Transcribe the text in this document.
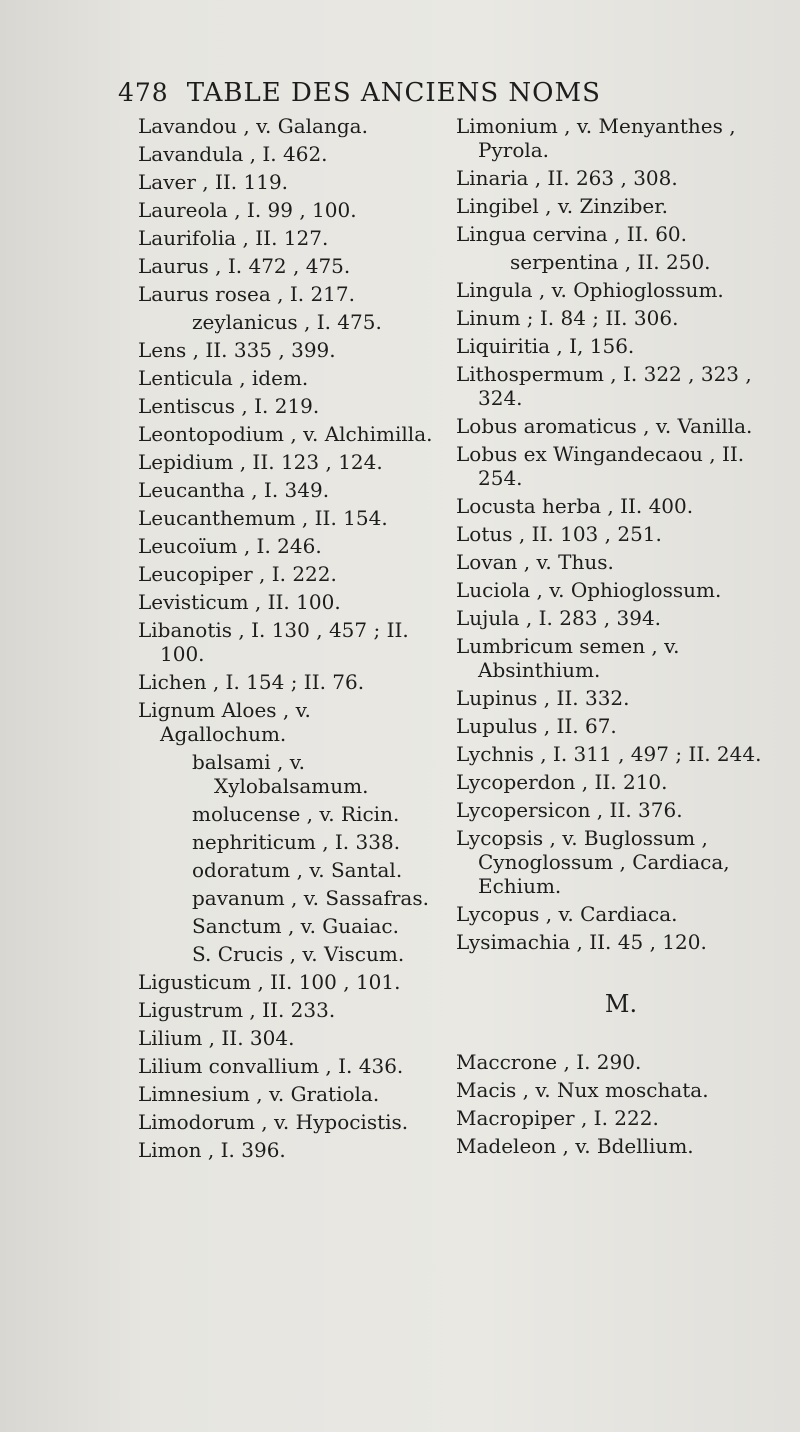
478 TABLE DES ANCIENS NOMS
Lavandou , v. Galanga.
Lavandula , I. 462.
Laver , II. 119.
Laureola , I. 99 , 100.
Laurifolia , II. 127.
Laurus , I. 472 , 475.
Laurus rosea , I. 217.
zeylanicus , I. 475.
Lens , II. 335 , 399.
Lenticula , idem.
Lentiscus , I. 219.
Leontopodium , v. Alchimilla.
Lepidium , II. 123 , 124.
Leucantha , I. 349.
Leucanthemum , II. 154.
Leucoïum , I. 246.
Leucopiper , I. 222.
Levisticum , II. 100.
Libanotis , I. 130 , 457 ; II. 100.
Lichen , I. 154 ; II. 76.
Lignum Aloes , v. Agallochum.
balsami , v. Xylobalsamum.
molucense , v. Ricin.
nephriticum , I. 338.
odoratum , v. Santal.
pavanum , v. Sassafras.
Sanctum , v. Guaiac.
S. Crucis , v. Viscum.
Ligusticum , II. 100 , 101.
Ligustrum , II. 233.
Lilium , II. 304.
Lilium convallium , I. 436.
Limnesium , v. Gratiola.
Limodorum , v. Hypocistis.
Limon , I. 396.
Limonium , v. Menyanthes , Pyrola.
Linaria , II. 263 , 308.
Lingibel , v. Zinziber.
Lingua cervina , II. 60.
serpentina , II. 250.
Lingula , v. Ophioglossum.
Linum ; I. 84 ; II. 306.
Liquiritia , I, 156.
Lithospermum , I. 322 , 323 , 324.
Lobus aromaticus , v. Vanilla.
Lobus ex Wingandecaou , II. 254.
Locusta herba , II. 400.
Lotus , II. 103 , 251.
Lovan , v. Thus.
Luciola , v. Ophioglossum.
Lujula , I. 283 , 394.
Lumbricum semen , v. Absinthium.
Lupinus , II. 332.
Lupulus , II. 67.
Lychnis , I. 311 , 497 ; II. 244.
Lycoperdon , II. 210.
Lycopersicon , II. 376.
Lycopsis , v. Buglossum , Cynoglossum , Cardiaca, Echium.
Lycopus , v. Cardiaca.
Lysimachia , II. 45 , 120.
M.
Maccrone , I. 290.
Macis , v. Nux moschata.
Macropiper , I. 222.
Madeleon , v. Bdellium.
